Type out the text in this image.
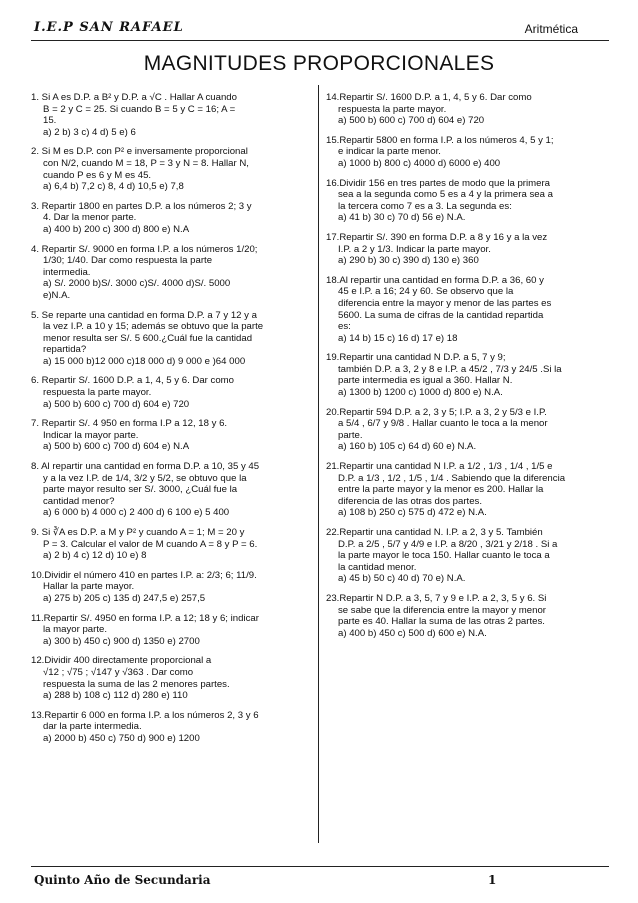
I.E.P SAN RAFAEL	Aritmética
MAGNITUDES PROPORCIONALES
1. Si A es D.P. a B² y D.P. a √C . Hallar A cuando
B = 2 y C = 25. Si cuando B = 5 y C = 16; A =
15.
a) 2 b) 3 c) 4 d) 5 e) 6
2. Si M es D.P. con P² e inversamente proporcional
con N/2, cuando M = 18, P = 3 y N = 8. Hallar N,
cuando P es 6 y M es 45.
a) 6,4 b) 7,2 c) 8, 4 d) 10,5 e) 7,8
3. Repartir 1800 en partes D.P. a los números 2; 3 y
4. Dar la menor parte.
a) 400 b) 200 c) 300 d) 800 e) N.A
4. Repartir S/. 9000 en forma I.P. a los números 1/20;
1/30; 1/40. Dar como respuesta la parte
intermedia.
a) S/. 2000 b)S/. 3000 c)S/. 4000 d)S/. 5000
e)N.A.
5. Se reparte una cantidad en forma D.P. a 7 y 12 y a
la vez I.P. a 10 y 15; además se obtuvo que la parte
menor resulta ser S/. 5 600.¿Cuál fue la cantidad
repartida?
a) 15 000 b)12 000 c)18 000 d) 9 000 e )64 000
6. Repartir S/. 1600 D.P. a 1, 4, 5 y 6. Dar como
respuesta la parte mayor.
a) 500 b) 600 c) 700 d) 604 e) 720
7. Repartir S/. 4 950 en forma I.P a 12, 18 y 6.
Indicar la mayor parte.
a) 500 b) 600 c) 700 d) 604 e) N.A
8. Al repartir una cantidad en forma D.P. a 10, 35 y 45
y a la vez I.P. de 1/4, 3/2 y 5/2, se obtuvo que la
parte mayor resulto ser S/. 3000, ¿Cuál fue la
cantidad menor?
a) 6 000 b) 4 000 c) 2 400 d) 6 100 e) 5 400
9. Si ∛A es D.P. a M y P² y cuando A = 1; M = 20 y
P = 3. Calcular el valor de M cuando A = 8 y P = 6.
a) 2 b) 4 c) 12 d) 10 e) 8
10.Dividir el número 410 en partes I.P. a: 2/3; 6; 11/9.
Hallar la parte mayor.
a) 275 b) 205 c) 135 d) 247,5 e) 257,5
11.Repartir S/. 4950 en forma I.P. a 12; 18 y 6; indicar
la mayor parte.
a) 300 b) 450 c) 900 d) 1350 e) 2700
12.Dividir 400 directamente proporcional a
√12 ; √75 ; √147 y √363 . Dar como
respuesta la suma de las 2 menores partes.
a) 288 b) 108 c) 112 d) 280 e) 110
13.Repartir 6 000 en forma I.P. a los números 2, 3 y 6
dar la parte intermedia.
a) 2000 b) 450 c) 750 d) 900 e) 1200
14.Repartir S/. 1600 D.P. a 1, 4, 5 y 6. Dar como
respuesta la parte mayor.
a) 500 b) 600 c) 700 d) 604 e) 720
15.Repartir 5800 en forma I.P. a los números 4, 5 y 1;
e indicar la parte menor.
a) 1000 b) 800 c) 4000 d) 6000 e) 400
16.Dividir 156 en tres partes de modo que la primera
sea a la segunda como 5 es a 4 y la primera sea a
la tercera como 7 es a 3. La segunda es:
a) 41 b) 30 c) 70 d) 56 e) N.A.
17.Repartir S/. 390 en forma D.P. a 8 y 16 y a la vez
I.P. a 2 y 1/3. Indicar la parte mayor.
a) 290 b) 30 c) 390 d) 130 e) 360
18.Al repartir una cantidad en forma D.P. a 36, 60 y
45 e I.P. a 16; 24 y 60. Se observo que la
diferencia entre la mayor y menor de las partes es
5600. La suma de cifras de la cantidad repartida
es:
a) 14 b) 15 c) 16 d) 17 e) 18
19.Repartir una cantidad N D.P. a 5, 7 y 9;
también D.P. a 3, 2 y 8 e I.P. a 45/2 , 7/3 y 24/5 .Si la
parte intermedia es igual a 360. Hallar N.
a) 1300 b) 1200 c) 1000 d) 800 e) N.A.
20.Repartir 594 D.P. a 2, 3 y 5; I.P. a 3, 2 y 5/3 e I.P.
a 5/4 , 6/7 y 9/8 . Hallar cuanto le toca a la menor
parte.
a) 160 b) 105 c) 64 d) 60 e) N.A.
21.Repartir una cantidad N I.P. a 1/2 , 1/3 , 1/4 , 1/5 e
D.P. a 1/3 , 1/2 , 1/5 , 1/4 . Sabiendo que la diferencia
entre la parte mayor y la menor es 200. Hallar la
diferencia de las otras dos partes.
a) 108 b) 250 c) 575 d) 472 e) N.A.
22.Repartir una cantidad N. I.P. a 2, 3 y 5. También
D.P. a 2/5 , 5/7 y 4/9 e I.P. a 8/20 , 3/21 y 2/18 . Si a
la parte mayor le toca 150. Hallar cuanto le toca a
la cantidad menor.
a) 45 b) 50 c) 40 d) 70 e) N.A.
23.Repartir N D.P. a 3, 5, 7 y 9 e I.P. a 2, 3, 5 y 6. Si
se sabe que la diferencia entre la mayor y menor
parte es 40. Hallar la suma de las otras 2 partes.
a) 400 b) 450 c) 500 d) 600 e) N.A.
Quinto Año de Secundaria	1
